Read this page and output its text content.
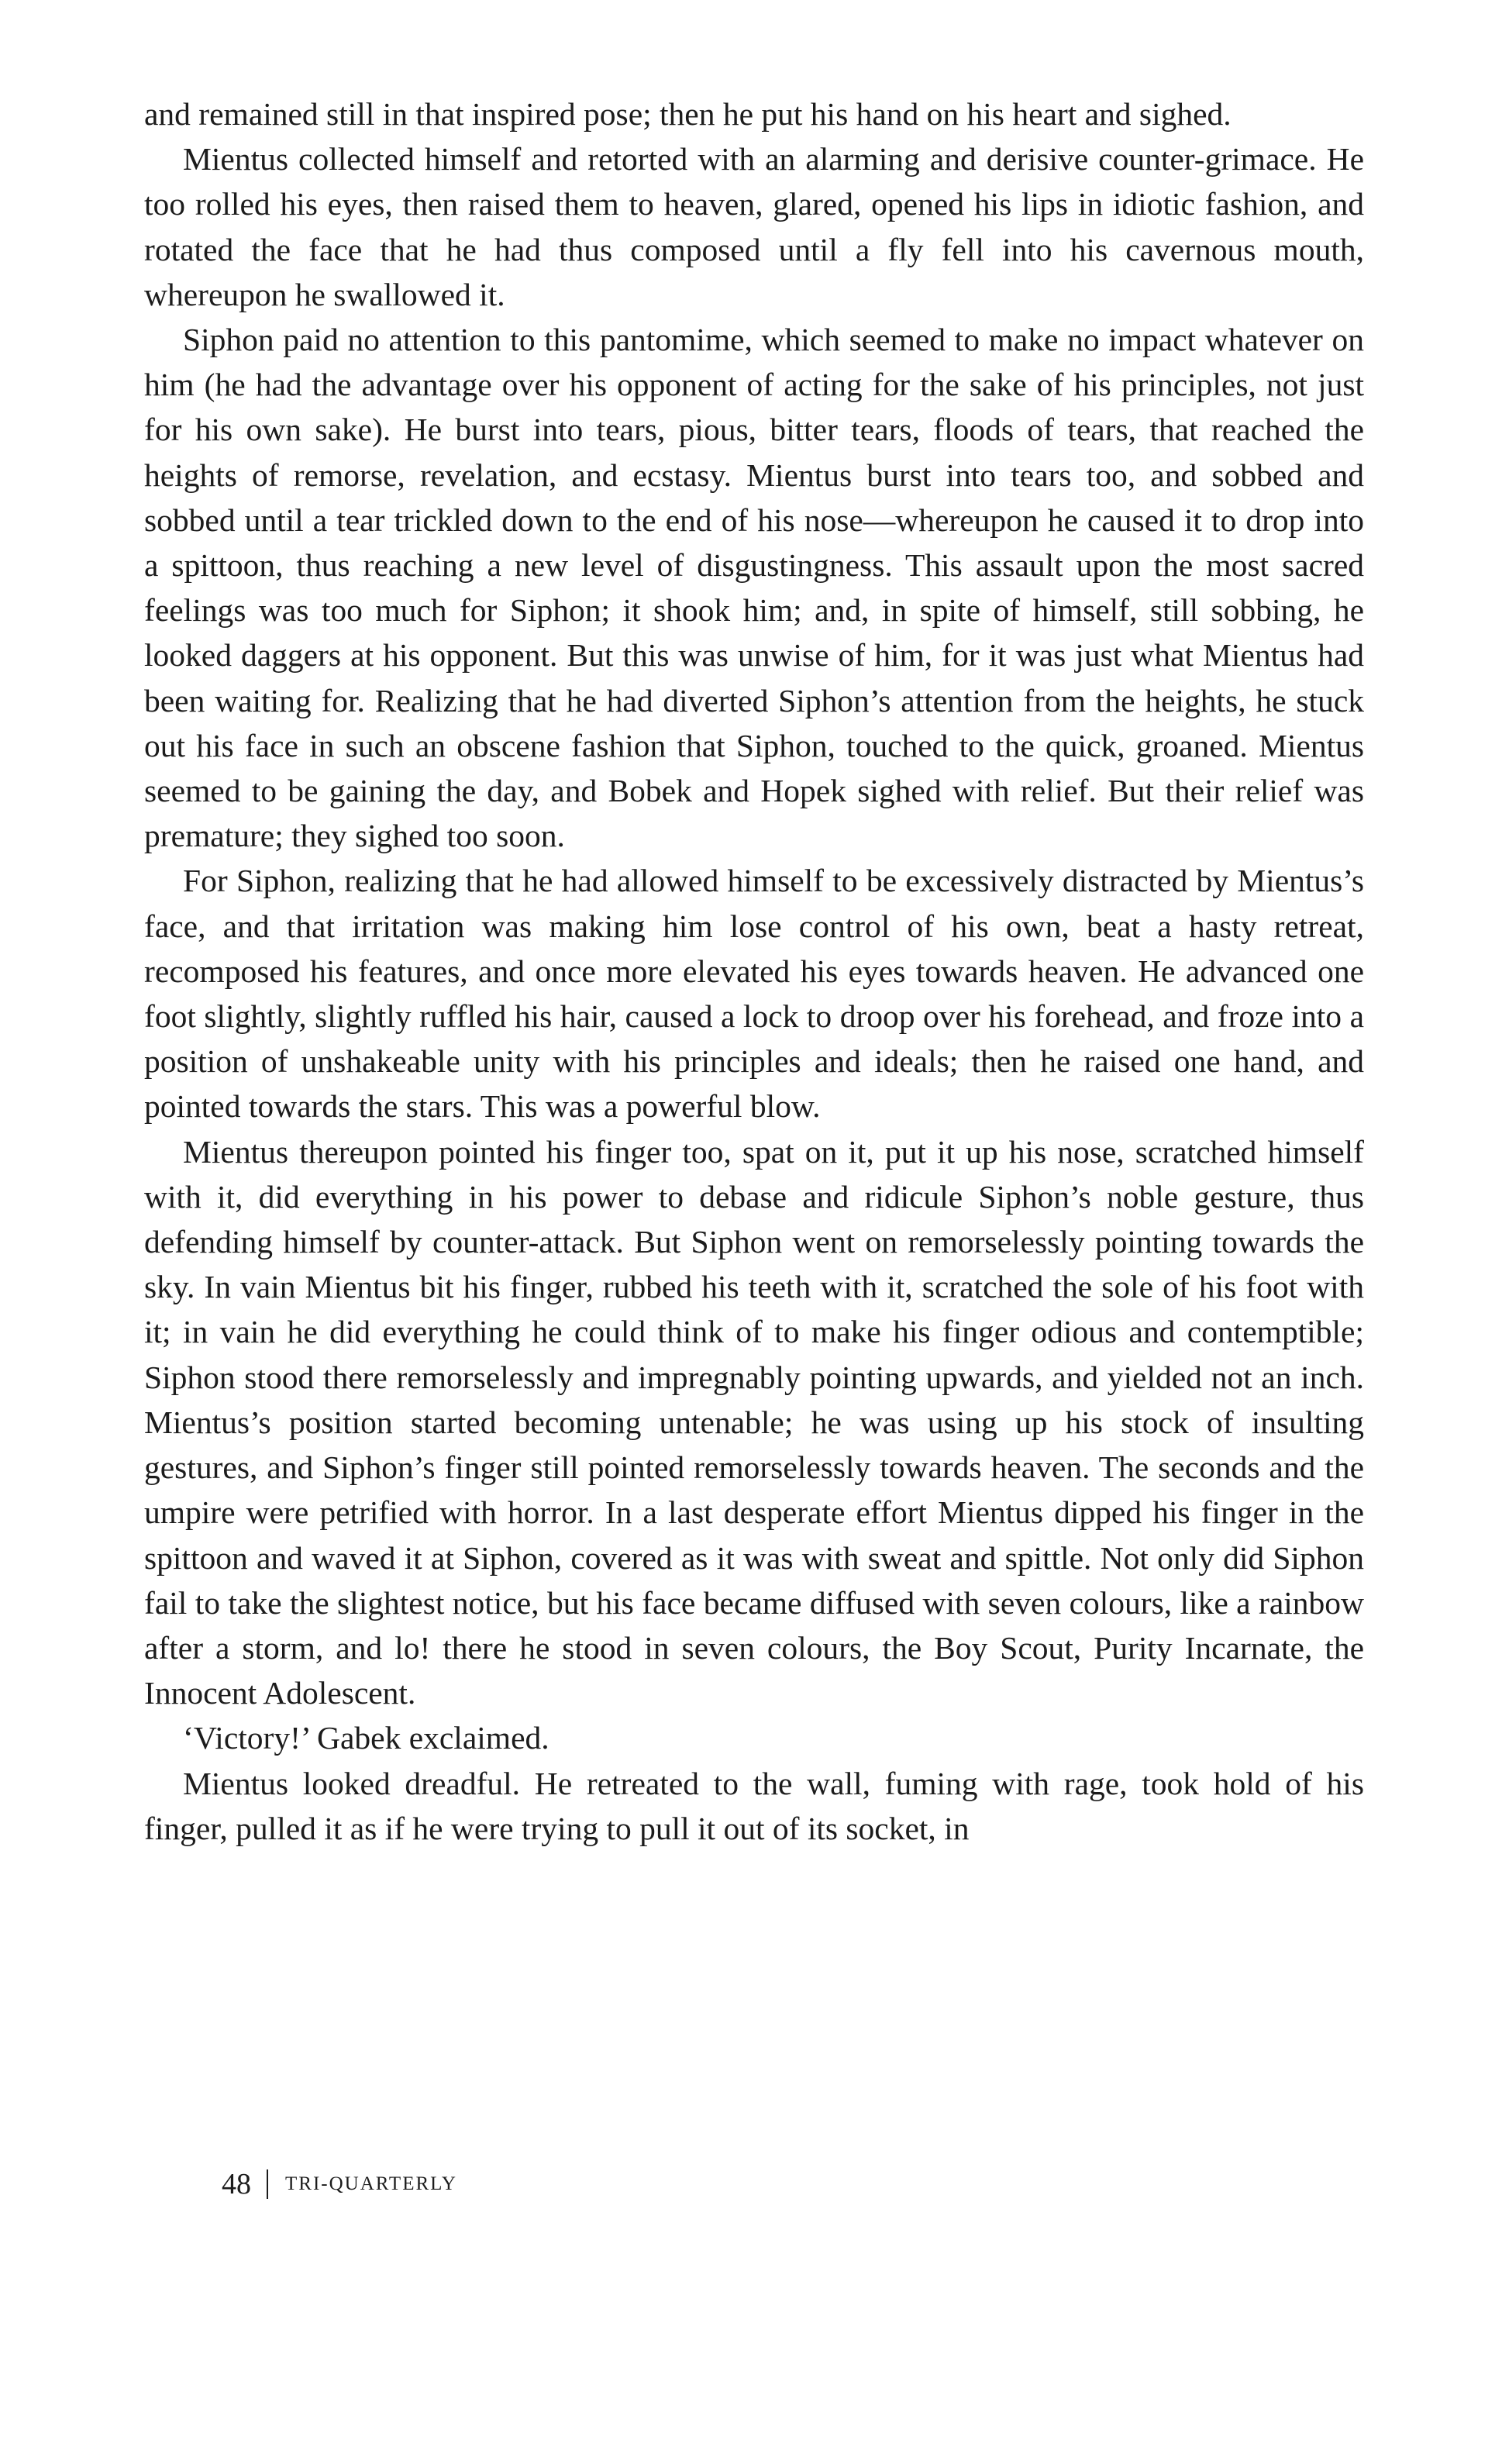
and remained still in that inspired pose; then he put his hand on his heart and sighed.

Mientus collected himself and retorted with an alarming and derisive counter-grimace. He too rolled his eyes, then raised them to heaven, glared, opened his lips in idiotic fashion, and rotated the face that he had thus composed until a fly fell into his cavernous mouth, whereupon he swallowed it.

Siphon paid no attention to this pantomime, which seemed to make no impact whatever on him (he had the advantage over his opponent of acting for the sake of his principles, not just for his own sake). He burst into tears, pious, bitter tears, floods of tears, that reached the heights of remorse, revelation, and ecstasy. Mientus burst into tears too, and sobbed and sobbed until a tear trickled down to the end of his nose—whereupon he caused it to drop into a spittoon, thus reaching a new level of disgustingness. This assault upon the most sacred feelings was too much for Siphon; it shook him; and, in spite of himself, still sobbing, he looked daggers at his opponent. But this was unwise of him, for it was just what Mientus had been waiting for. Realizing that he had diverted Siphon’s attention from the heights, he stuck out his face in such an obscene fashion that Siphon, touched to the quick, groaned. Mientus seemed to be gaining the day, and Bobek and Hopek sighed with relief. But their relief was premature; they sighed too soon.

For Siphon, realizing that he had allowed himself to be excessively distracted by Mientus’s face, and that irritation was making him lose control of his own, beat a hasty retreat, recomposed his features, and once more elevated his eyes towards heaven. He advanced one foot slightly, slightly ruffled his hair, caused a lock to droop over his forehead, and froze into a position of unshakeable unity with his principles and ideals; then he raised one hand, and pointed towards the stars. This was a powerful blow.

Mientus thereupon pointed his finger too, spat on it, put it up his nose, scratched himself with it, did everything in his power to debase and ridicule Siphon’s noble gesture, thus defending himself by counter-attack. But Siphon went on remorselessly pointing towards the sky. In vain Mientus bit his finger, rubbed his teeth with it, scratched the sole of his foot with it; in vain he did everything he could think of to make his finger odious and contemptible; Siphon stood there remorselessly and impregnably pointing upwards, and yielded not an inch. Mientus’s position started becoming untenable; he was using up his stock of insulting gestures, and Siphon’s finger still pointed remorselessly towards heaven. The seconds and the umpire were petrified with horror. In a last desperate effort Mientus dipped his finger in the spittoon and waved it at Siphon, covered as it was with sweat and spittle. Not only did Siphon fail to take the slightest notice, but his face became diffused with seven colours, like a rainbow after a storm, and lo! there he stood in seven colours, the Boy Scout, Purity Incarnate, the Innocent Adolescent.

‘Victory!’ Gabek exclaimed.

Mientus looked dreadful. He retreated to the wall, fuming with rage, took hold of his finger, pulled it as if he were trying to pull it out of its socket, in

48 TRI-QUARTERLY
